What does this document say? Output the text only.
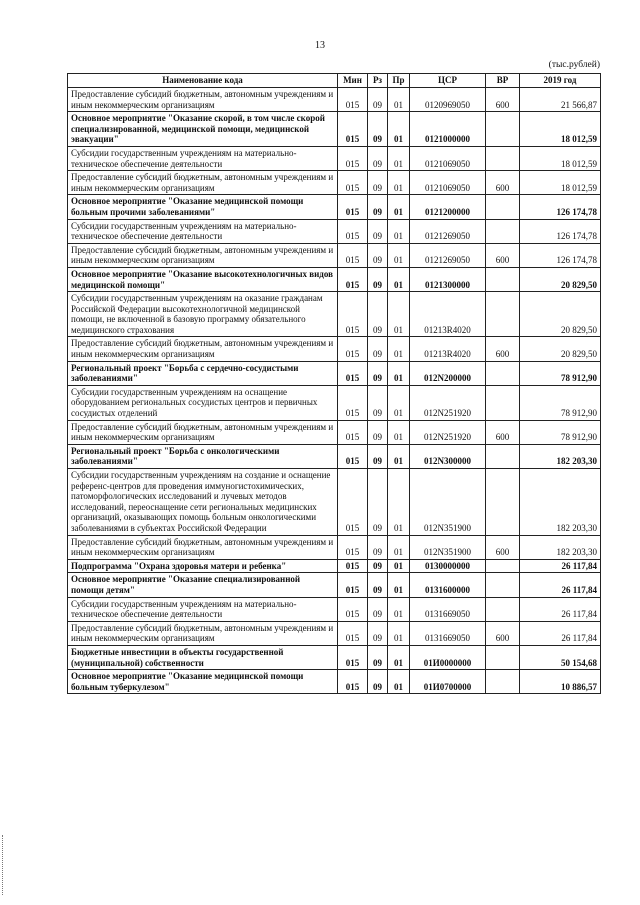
13
(тыс.рублей)
Наименование кода	Мин	Рз	Пр	ЦСР	ВР	2019 год
Предоставление субсидий бюджетным, автономным учреждениям и иным некоммерческим организациям	015	09	01	0120969050	600	21 566,87
Основное мероприятие "Оказание скорой, в том числе скорой специализированной, медицинской помощи, медицинской эвакуации"	015	09	01	0121000000		18 012,59
Субсидии государственным учреждениям на материально-техническое обеспечение деятельности	015	09	01	0121069050		18 012,59
Предоставление субсидий бюджетным, автономным учреждениям и иным некоммерческим организациям	015	09	01	0121069050	600	18 012,59
Основное мероприятие "Оказание медицинской помощи больным прочими заболеваниями"	015	09	01	0121200000		126 174,78
Субсидии государственным учреждениям на материально-техническое обеспечение деятельности	015	09	01	0121269050		126 174,78
Предоставление субсидий бюджетным, автономным учреждениям и иным некоммерческим организациям	015	09	01	0121269050	600	126 174,78
Основное мероприятие "Оказание высокотехнологичных видов медицинской помощи"	015	09	01	0121300000		20 829,50
Субсидии государственным учреждениям на оказание гражданам Российской Федерации высокотехнологичной медицинской помощи, не включенной в базовую программу обязательного медицинского страхования	015	09	01	01213R4020		20 829,50
Предоставление субсидий бюджетным, автономным учреждениям и иным некоммерческим организациям	015	09	01	01213R4020	600	20 829,50
Региональный проект "Борьба с сердечно-сосудистыми заболеваниями"	015	09	01	012N200000		78 912,90
Субсидии государственным учреждениям на оснащение оборудованием региональных сосудистых центров и первичных сосудистых отделений	015	09	01	012N251920		78 912,90
Предоставление субсидий бюджетным, автономным учреждениям и иным некоммерческим организациям	015	09	01	012N251920	600	78 912,90
Региональный проект "Борьба с онкологическими заболеваниями"	015	09	01	012N300000		182 203,30
Субсидии государственным учреждениям на создание и оснащение референс-центров для проведения иммуногистохимических, патоморфологических исследований и лучевых методов исследований, переоснащение сети региональных медицинских организаций, оказывающих помощь больным онкологическими заболеваниями в субъектах Российской Федерации	015	09	01	012N351900		182 203,30
Предоставление субсидий бюджетным, автономным учреждениям и иным некоммерческим организациям	015	09	01	012N351900	600	182 203,30
Подпрограмма "Охрана здоровья матери и ребенка"	015	09	01	0130000000		26 117,84
Основное мероприятие "Оказание специализированной помощи детям"	015	09	01	0131600000		26 117,84
Субсидии государственным учреждениям на материально-техническое обеспечение деятельности	015	09	01	0131669050		26 117,84
Предоставление субсидий бюджетным, автономным учреждениям и иным некоммерческим организациям	015	09	01	0131669050	600	26 117,84
Бюджетные инвестиции в объекты государственной (муниципальной) собственности	015	09	01	01И0000000		50 154,68
Основное мероприятие "Оказание медицинской помощи больным туберкулезом"	015	09	01	01И0700000		10 886,57
